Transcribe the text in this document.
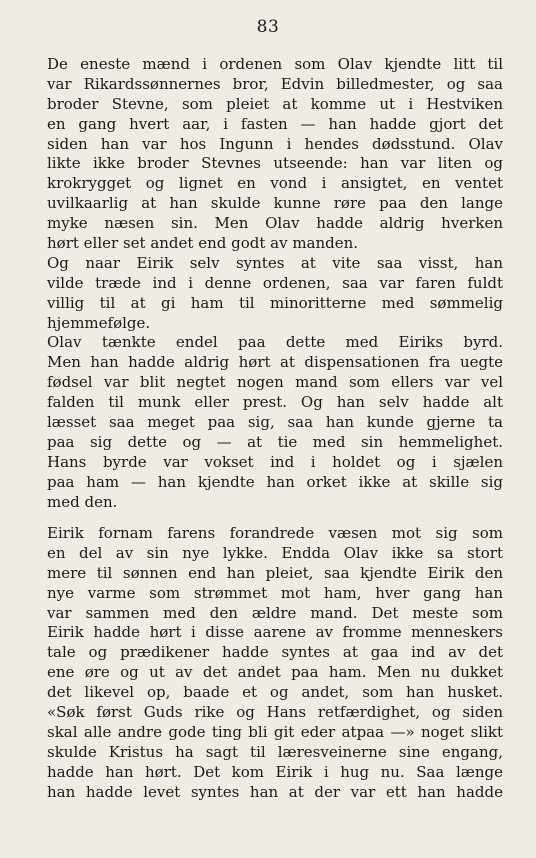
83
De eneste mænd i ordenen som Olav kjendte litt til
var Rikardssønnernes bror, Edvin billedmester, og saa
broder Stevne, som pleiet at komme ut i Hestviken
en gang hvert aar, i fasten — han hadde gjort det
siden han var hos Ingunn i hendes dødsstund. Olav
likte ikke broder Stevnes utseende: han var liten og
krokrygget og lignet en vond i ansigtet, en ventet
uvilkaarlig at han skulde kunne røre paa den lange
myke næsen sin. Men Olav hadde aldrig hverken
hørt eller set andet end godt av manden.
Og naar Eirik selv syntes at vite saa visst, han
vilde træde ind i denne ordenen, saa var faren fuldt
villig til at gi ham til minoritterne med sømmelig
hjemmefølge.
Olav tænkte endel paa dette med Eiriks byrd.
Men han hadde aldrig hørt at dispensationen fra uegte
fødsel var blit negtet nogen mand som ellers var vel
falden til munk eller prest. Og han selv hadde alt
læsset saa meget paa sig, saa han kunde gjerne ta
paa sig dette og — at tie med sin hemmelighet.
Hans byrde var vokset ind i holdet og i sjælen
paa ham — han kjendte han orket ikke at skille sig
med den.
Eirik fornam farens forandrede væsen mot sig som
en del av sin nye lykke. Endda Olav ikke sa stort
mere til sønnen end han pleiet, saa kjendte Eirik den
nye varme som strømmet mot ham, hver gang han
var sammen med den ældre mand. Det meste som
Eirik hadde hørt i disse aarene av fromme menneskers
tale og prædikener hadde syntes at gaa ind av det
ene øre og ut av det andet paa ham. Men nu dukket
det likevel op, baade et og andet, som han husket.
«Søk først Guds rike og Hans retfærdighet, og siden
skal alle andre gode ting bli git eder atpaa —» noget slikt
skulde Kristus ha sagt til læresveinerne sine engang,
hadde han hørt. Det kom Eirik i hug nu. Saa længe
han hadde levet syntes han at der var ett han hadde
